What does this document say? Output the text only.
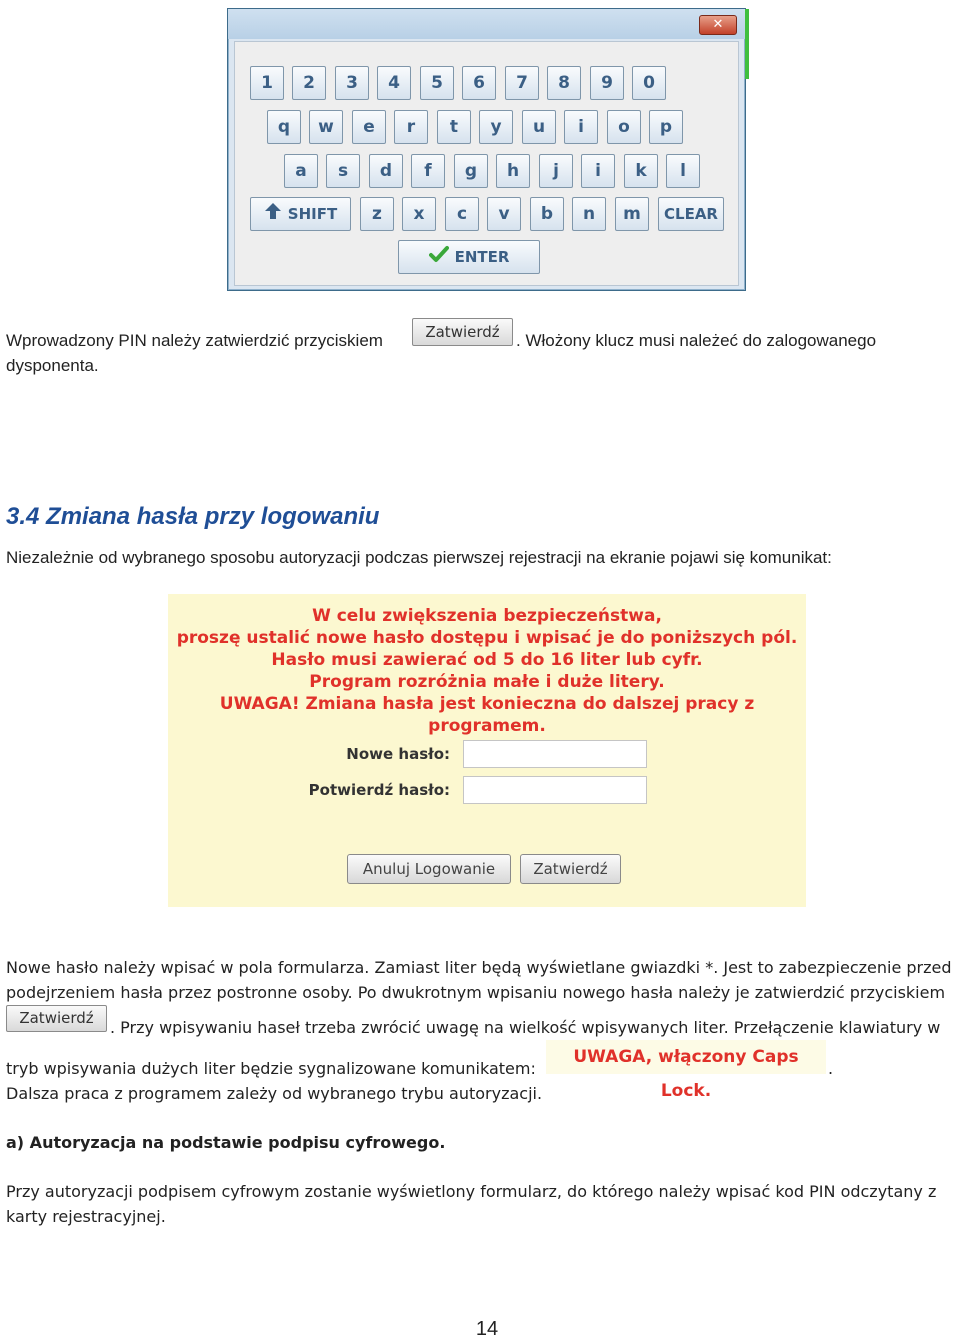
✕
1	2	3	4	5	6	7	8	9	0
q	w	e	r	t	y	u	i	o	p
a	s	d	f	g	h	j	i	k	l
SHIFT	z	x	c	v	b	n	m	CLEAR
ENTER
Wprowadzony PIN należy zatwierdzić przyciskiem	Zatwierdź . Włożony klucz musi należeć do zalogowanego
dysponenta.
3.4 Zmiana hasła przy logowaniu
Niezależnie od wybranego sposobu autoryzacji podczas pierwszej rejestracji na ekranie pojawi się komunikat:
W celu zwiększenia bezpieczeństwa,
proszę ustalić nowe hasło dostępu i wpisać je do poniższych pól.
Hasło musi zawierać od 5 do 16 liter lub cyfr.
Program rozróżnia małe i duże litery.
UWAGA! Zmiana hasła jest konieczna do dalszej pracy z programem.
Nowe hasło:
Potwierdź hasło:
Anuluj Logowanie	Zatwierdź
Nowe hasło należy wpisać w pola formularza. Zamiast liter będą wyświetlane gwiazdki *. Jest to zabezpieczenie przed
podejrzeniem hasła przez postronne osoby. Po dwukrotnym wpisaniu nowego hasła należy je zatwierdzić przyciskiem
Zatwierdź	. Przy wpisywaniu haseł trzeba zwrócić uwagę na wielkość wpisywanych liter. Przełączenie klawiatury w
tryb wpisywania dużych liter będzie sygnalizowane komunikatem:
UWAGA, włączony Caps Lock.
.
Dalsza praca z programem zależy od wybranego trybu autoryzacji.
a) Autoryzacja na podstawie podpisu cyfrowego.
Przy autoryzacji podpisem cyfrowym zostanie wyświetlony formularz, do którego należy wpisać kod PIN odczytany z
karty rejestracyjnej.
14
